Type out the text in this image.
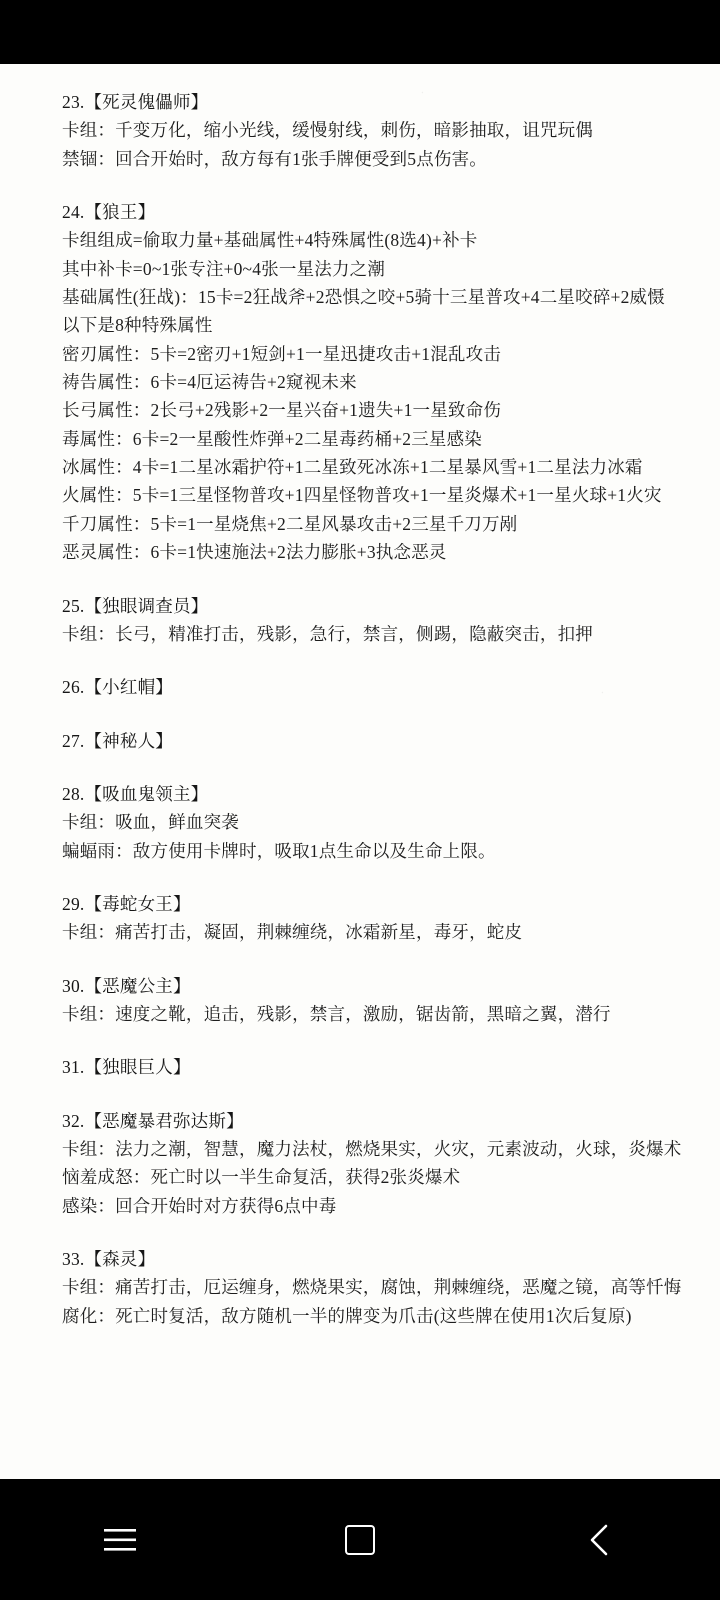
·
·
23.【死灵傀儡师】
卡组：千变万化，缩小光线，缓慢射线，刺伤，暗影抽取，诅咒玩偶
禁锢：回合开始时，敌方每有1张手牌便受到5点伤害。
24.【狼王】
卡组组成=偷取力量+基础属性+4特殊属性(8选4)+补卡
其中补卡=0~1张专注+0~4张一星法力之潮
基础属性(狂战)：15卡=2狂战斧+2恐惧之咬+5骑十三星普攻+4二星咬碎+2威慑
以下是8种特殊属性
密刃属性：5卡=2密刃+1短剑+1一星迅捷攻击+1混乱攻击
祷告属性：6卡=4厄运祷告+2窥视未来
长弓属性：2长弓+2残影+2一星兴奋+1遗失+1一星致命伤
毒属性：6卡=2一星酸性炸弹+2二星毒药桶+2三星感染
冰属性：4卡=1二星冰霜护符+1二星致死冰冻+1二星暴风雪+1二星法力冰霜
火属性：5卡=1三星怪物普攻+1四星怪物普攻+1一星炎爆术+1一星火球+1火灾
千刀属性：5卡=1一星烧焦+2二星风暴攻击+2三星千刀万剐
恶灵属性：6卡=1快速施法+2法力膨胀+3执念恶灵
25.【独眼调查员】
卡组：长弓，精准打击，残影，急行，禁言，侧踢，隐蔽突击，扣押
26.【小红帽】
27.【神秘人】
28.【吸血鬼领主】
卡组：吸血，鲜血突袭
蝙蝠雨：敌方使用卡牌时，吸取1点生命以及生命上限。
29.【毒蛇女王】
卡组：痛苦打击，凝固，荆棘缠绕，冰霜新星，毒牙，蛇皮
30.【恶魔公主】
卡组：速度之靴，追击，残影，禁言，激励，锯齿箭，黑暗之翼，潜行
31.【独眼巨人】
32.【恶魔暴君弥达斯】
卡组：法力之潮，智慧，魔力法杖，燃烧果实，火灾，元素波动，火球，炎爆术
恼羞成怒：死亡时以一半生命复活，获得2张炎爆术
感染：回合开始时对方获得6点中毒
33.【森灵】
卡组：痛苦打击，厄运缠身，燃烧果实，腐蚀，荆棘缠绕，恶魔之镜，高等忏悔
腐化：死亡时复活，敌方随机一半的牌变为爪击(这些牌在使用1次后复原)
